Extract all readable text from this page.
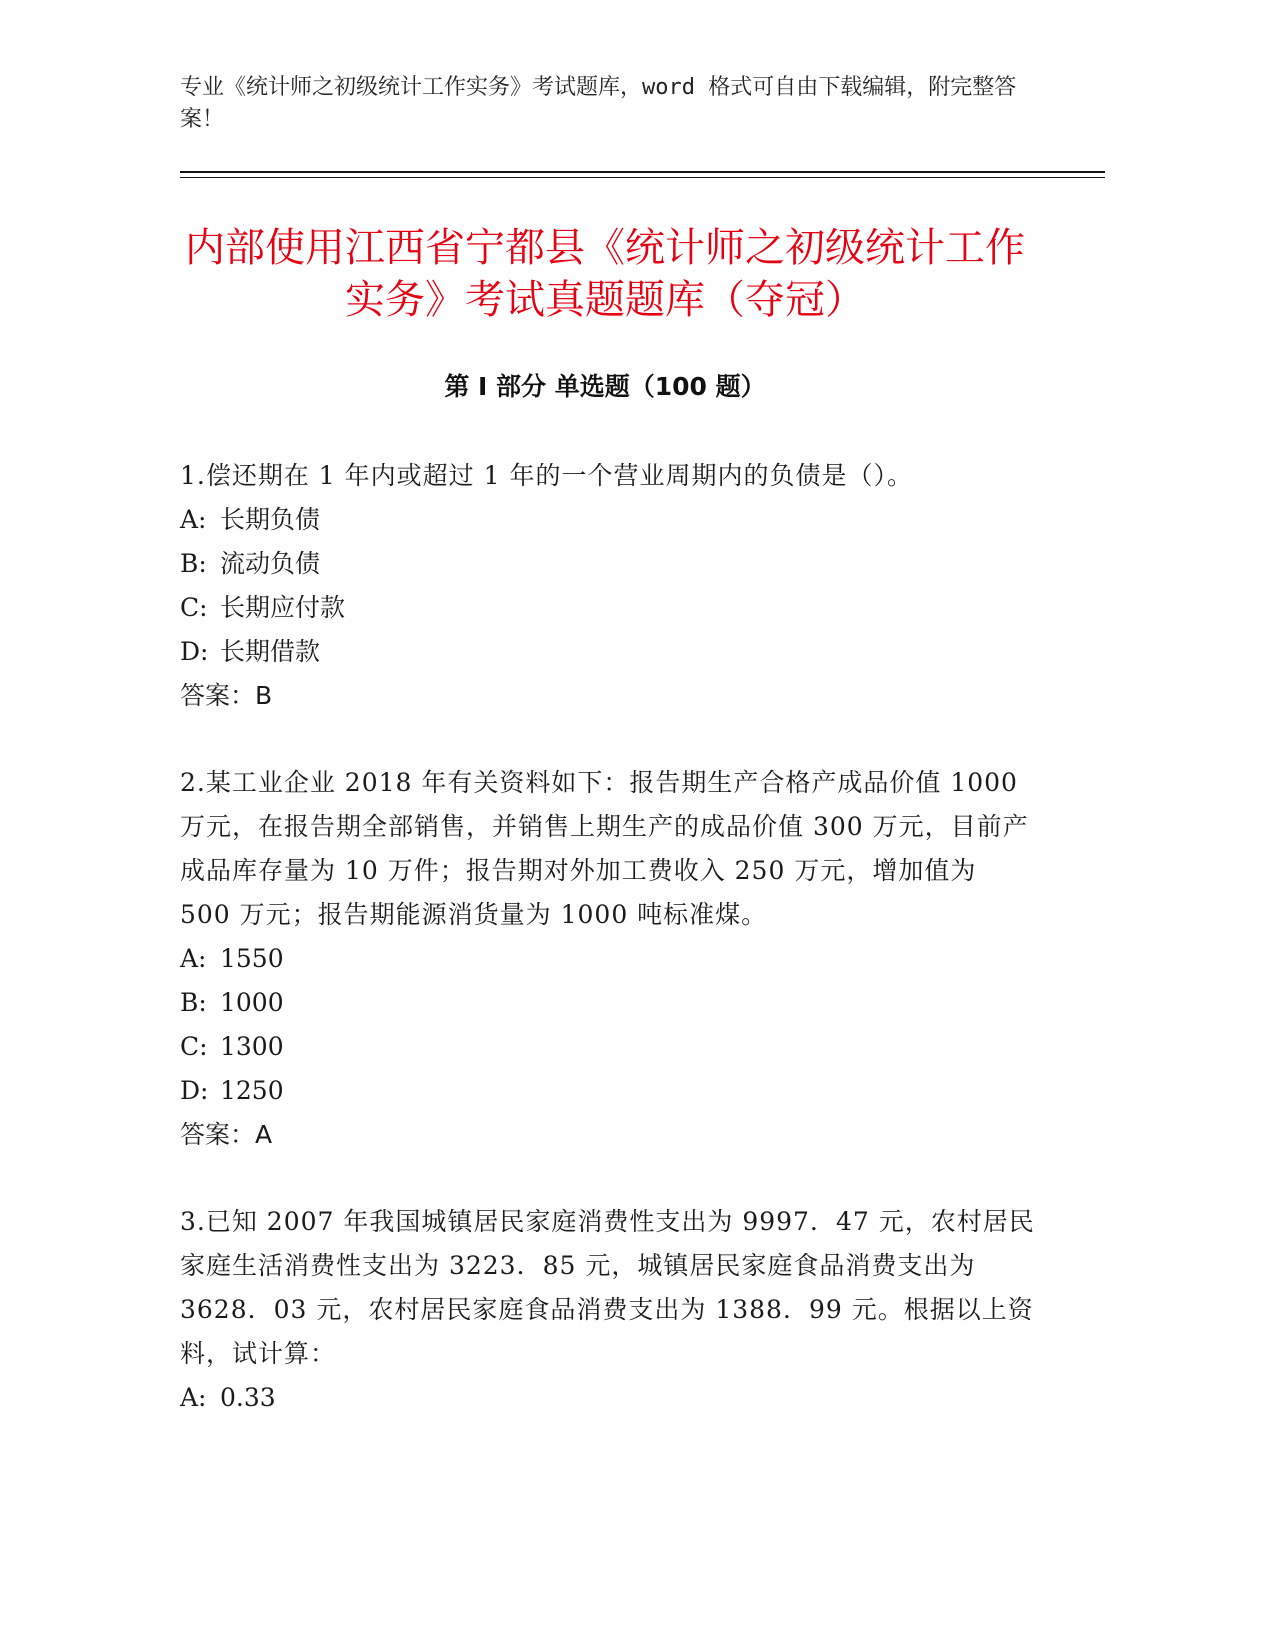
专业《统计师之初级统计工作实务》考试题库，word 格式可自由下载编辑，附完整答案！
内部使用江西省宁都县《统计师之初级统计工作实务》考试真题题库（夺冠）
第 I 部分 单选题（100 题）

1.偿还期在 1 年内或超过 1 年的一个营业周期内的负债是（）。

A: 长期负债

B: 流动负债

C: 长期应付款

D: 长期借款

答案：B

2.某工业企业 2018 年有关资料如下：报告期生产合格产成品价值 1000 万元，在报告期全部销售，并销售上期生产的成品价值 300 万元，目前产成品库存量为 10 万件；报告期对外加工费收入 250 万元，增加值为 500 万元；报告期能源消货量为 1000 吨标准煤。

A: 1550

B: 1000

C: 1300

D: 1250

答案：A

3.已知 2007 年我国城镇居民家庭消费性支出为 9997．47 元，农村居民家庭生活消费性支出为 3223．85 元，城镇居民家庭食品消费支出为 3628．03 元，农村居民家庭食品消费支出为 1388．99 元。根据以上资料，试计算：

A: 0.33
